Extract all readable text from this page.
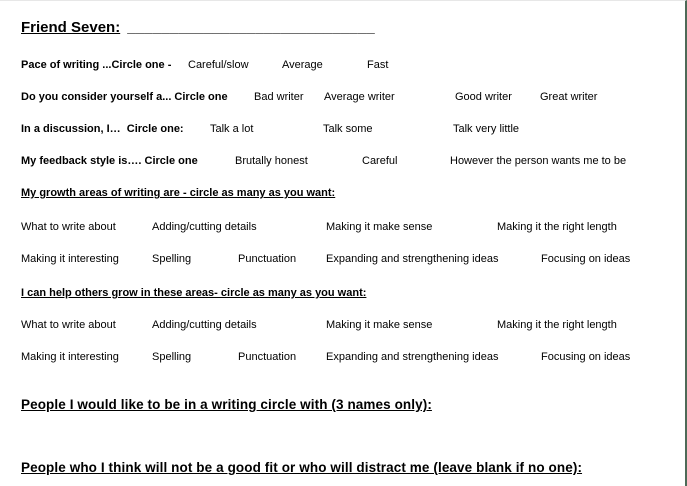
Friend Seven: _____________________________
Pace of writing ...Circle one - Careful/slow	Average	Fast
Do you consider yourself a... Circle one Bad writer Average writer	Good writer	Great writer
In a discussion, I…  Circle one: Talk a lot	Talk some	Talk very little
My feedback style is…. Circle one	Brutally honest	Careful	However the person wants me to be
My growth areas of writing are - circle as many as you want:
What to write about	Adding/cutting details	Making it make sense	Making it the right length
Making it interesting	Spelling	Punctuation	Expanding and strengthening ideas	Focusing on ideas
I can help others grow in these areas- circle as many as you want:
What to write about	Adding/cutting details	Making it make sense	Making it the right length
Making it interesting	Spelling	Punctuation	Expanding and strengthening ideas	Focusing on ideas
People I would like to be in a writing circle with (3 names only):
People who I think will not be a good fit or who will distract me (leave blank if no one):
